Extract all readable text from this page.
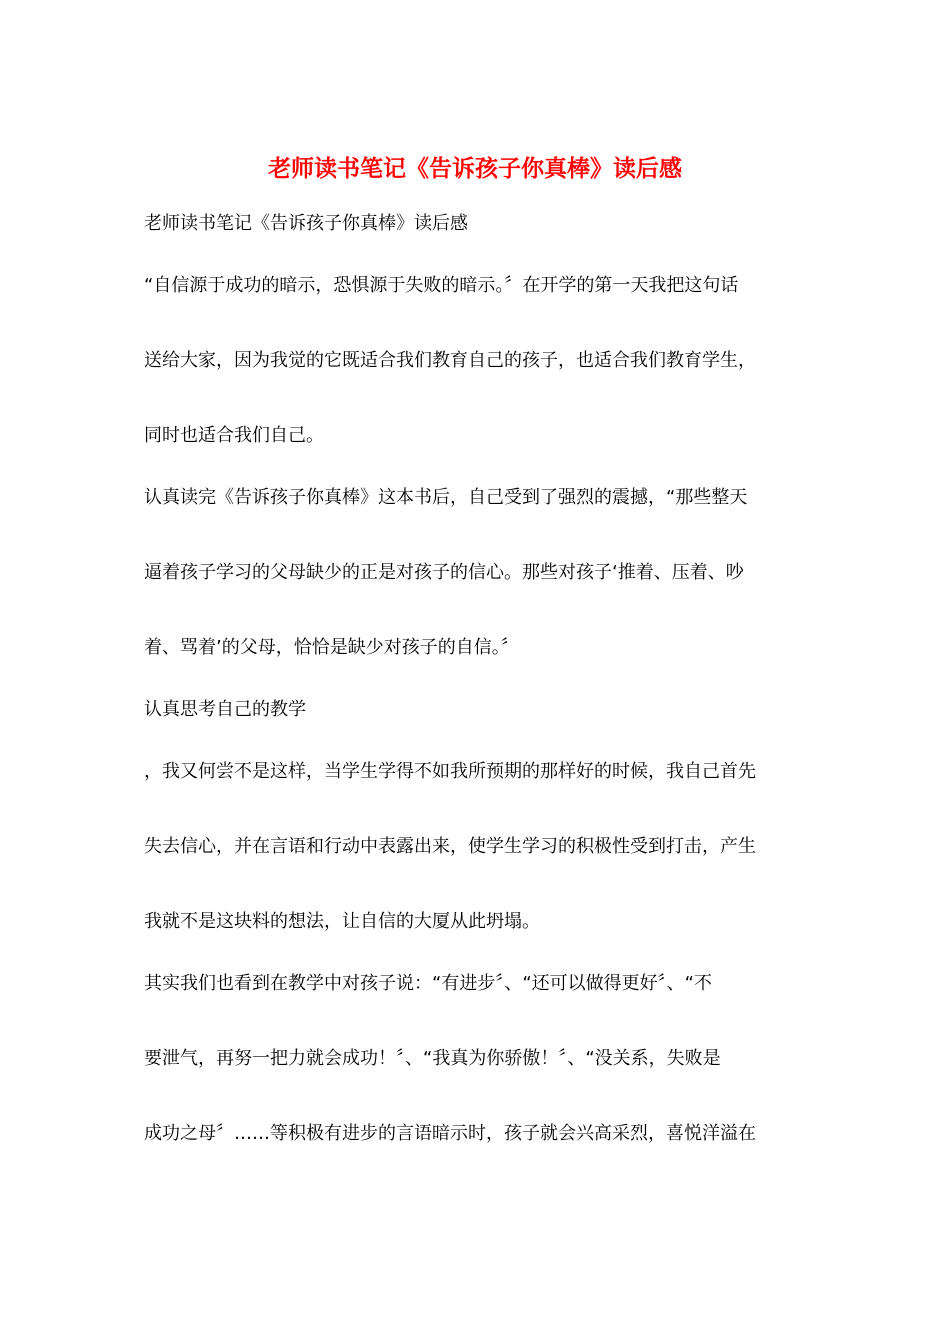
老师读书笔记《告诉孩子你真棒》读后感
老师读书笔记《告诉孩子你真棒》读后感
“自信源于成功的暗示，恐惧源于失败的暗示。〞在开学的第一天我把这句话
送给大家，因为我觉的它既适合我们教育自己的孩子，也适合我们教育学生，
同时也适合我们自己。
认真读完《告诉孩子你真棒》这本书后，自己受到了强烈的震撼，“那些整天
逼着孩子学习的父母缺少的正是对孩子的信心。那些对孩子‘推着、压着、吵
着、骂着’的父母，恰恰是缺少对孩子的自信。〞
认真思考自己的教学
，我又何尝不是这样，当学生学得不如我所预期的那样好的时候，我自己首先
失去信心，并在言语和行动中表露出来，使学生学习的积极性受到打击，产生
我就不是这块料的想法，让自信的大厦从此坍塌。
其实我们也看到在教学中对孩子说：“有进步〞、“还可以做得更好〞、“不
要泄气，再努一把力就会成功！〞、“我真为你骄傲！〞、“没关系，失败是
成功之母〞……等积极有进步的言语暗示时，孩子就会兴高采烈，喜悦洋溢在
